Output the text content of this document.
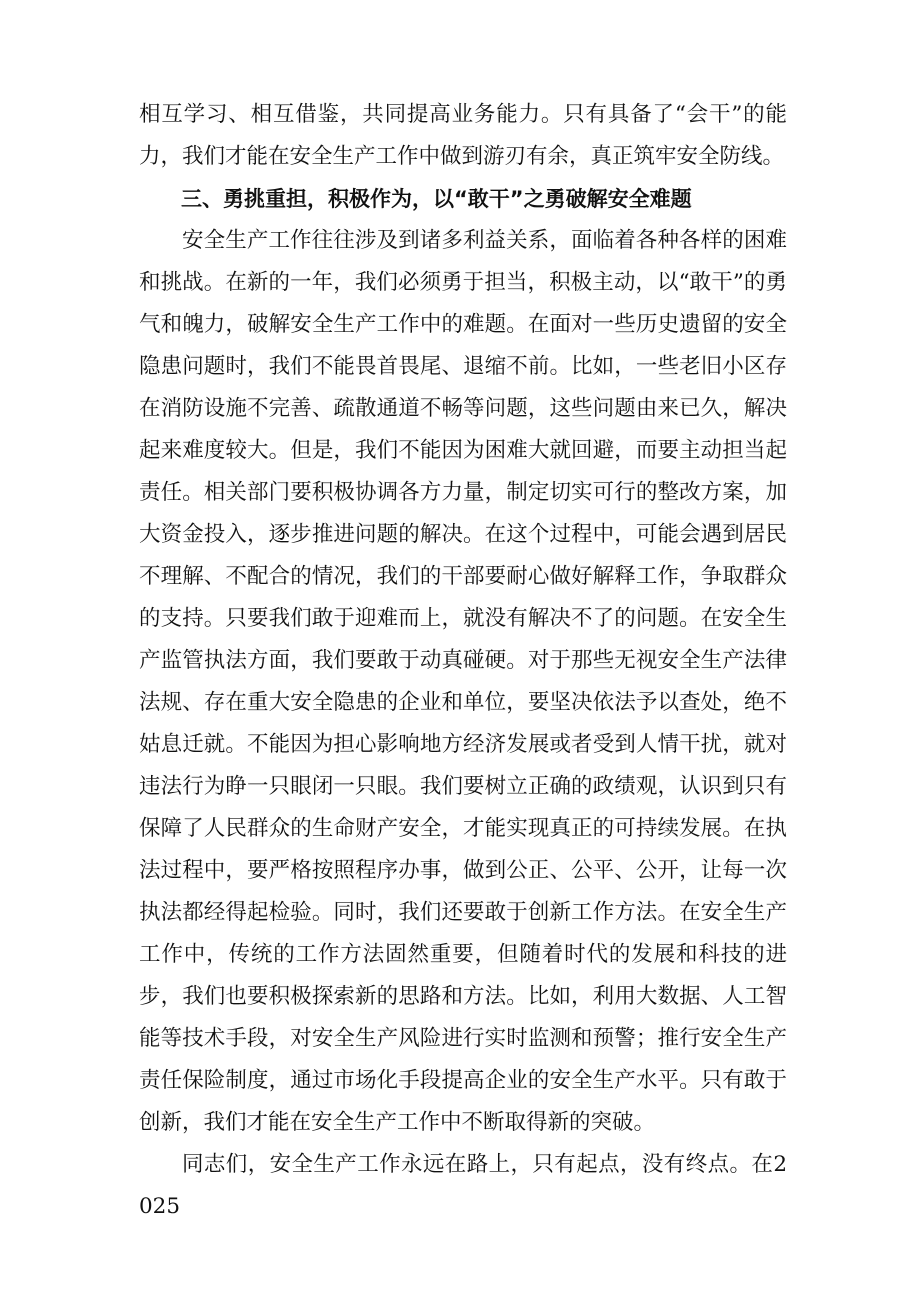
相互学习、相互借鉴，共同提高业务能力。只有具备了“会干”的能力，我们才能在安全生产工作中做到游刃有余，真正筑牢安全防线。

三、勇挑重担，积极作为，以“敢干”之勇破解安全难题

安全生产工作往往涉及到诸多利益关系，面临着各种各样的困难和挑战。在新的一年，我们必须勇于担当，积极主动，以“敢干”的勇气和魄力，破解安全生产工作中的难题。在面对一些历史遗留的安全隐患问题时，我们不能畏首畏尾、退缩不前。比如，一些老旧小区存在消防设施不完善、疏散通道不畅等问题，这些问题由来已久，解决起来难度较大。但是，我们不能因为困难大就回避，而要主动担当起责任。相关部门要积极协调各方力量，制定切实可行的整改方案，加大资金投入，逐步推进问题的解决。在这个过程中，可能会遇到居民不理解、不配合的情况，我们的干部要耐心做好解释工作，争取群众的支持。只要我们敢于迎难而上，就没有解决不了的问题。在安全生产监管执法方面，我们要敢于动真碰硬。对于那些无视安全生产法律法规、存在重大安全隐患的企业和单位，要坚决依法予以查处，绝不姑息迁就。不能因为担心影响地方经济发展或者受到人情干扰，就对违法行为睁一只眼闭一只眼。我们要树立正确的政绩观，认识到只有保障了人民群众的生命财产安全，才能实现真正的可持续发展。在执法过程中，要严格按照程序办事，做到公正、公平、公开，让每一次执法都经得起检验。同时，我们还要敢于创新工作方法。在安全生产工作中，传统的工作方法固然重要，但随着时代的发展和科技的进步，我们也要积极探索新的思路和方法。比如，利用大数据、人工智能等技术手段，对安全生产风险进行实时监测和预警；推行安全生产责任保险制度，通过市场化手段提高企业的安全生产水平。只有敢于创新，我们才能在安全生产工作中不断取得新的突破。

同志们，安全生产工作永远在路上，只有起点，没有终点。在2025
